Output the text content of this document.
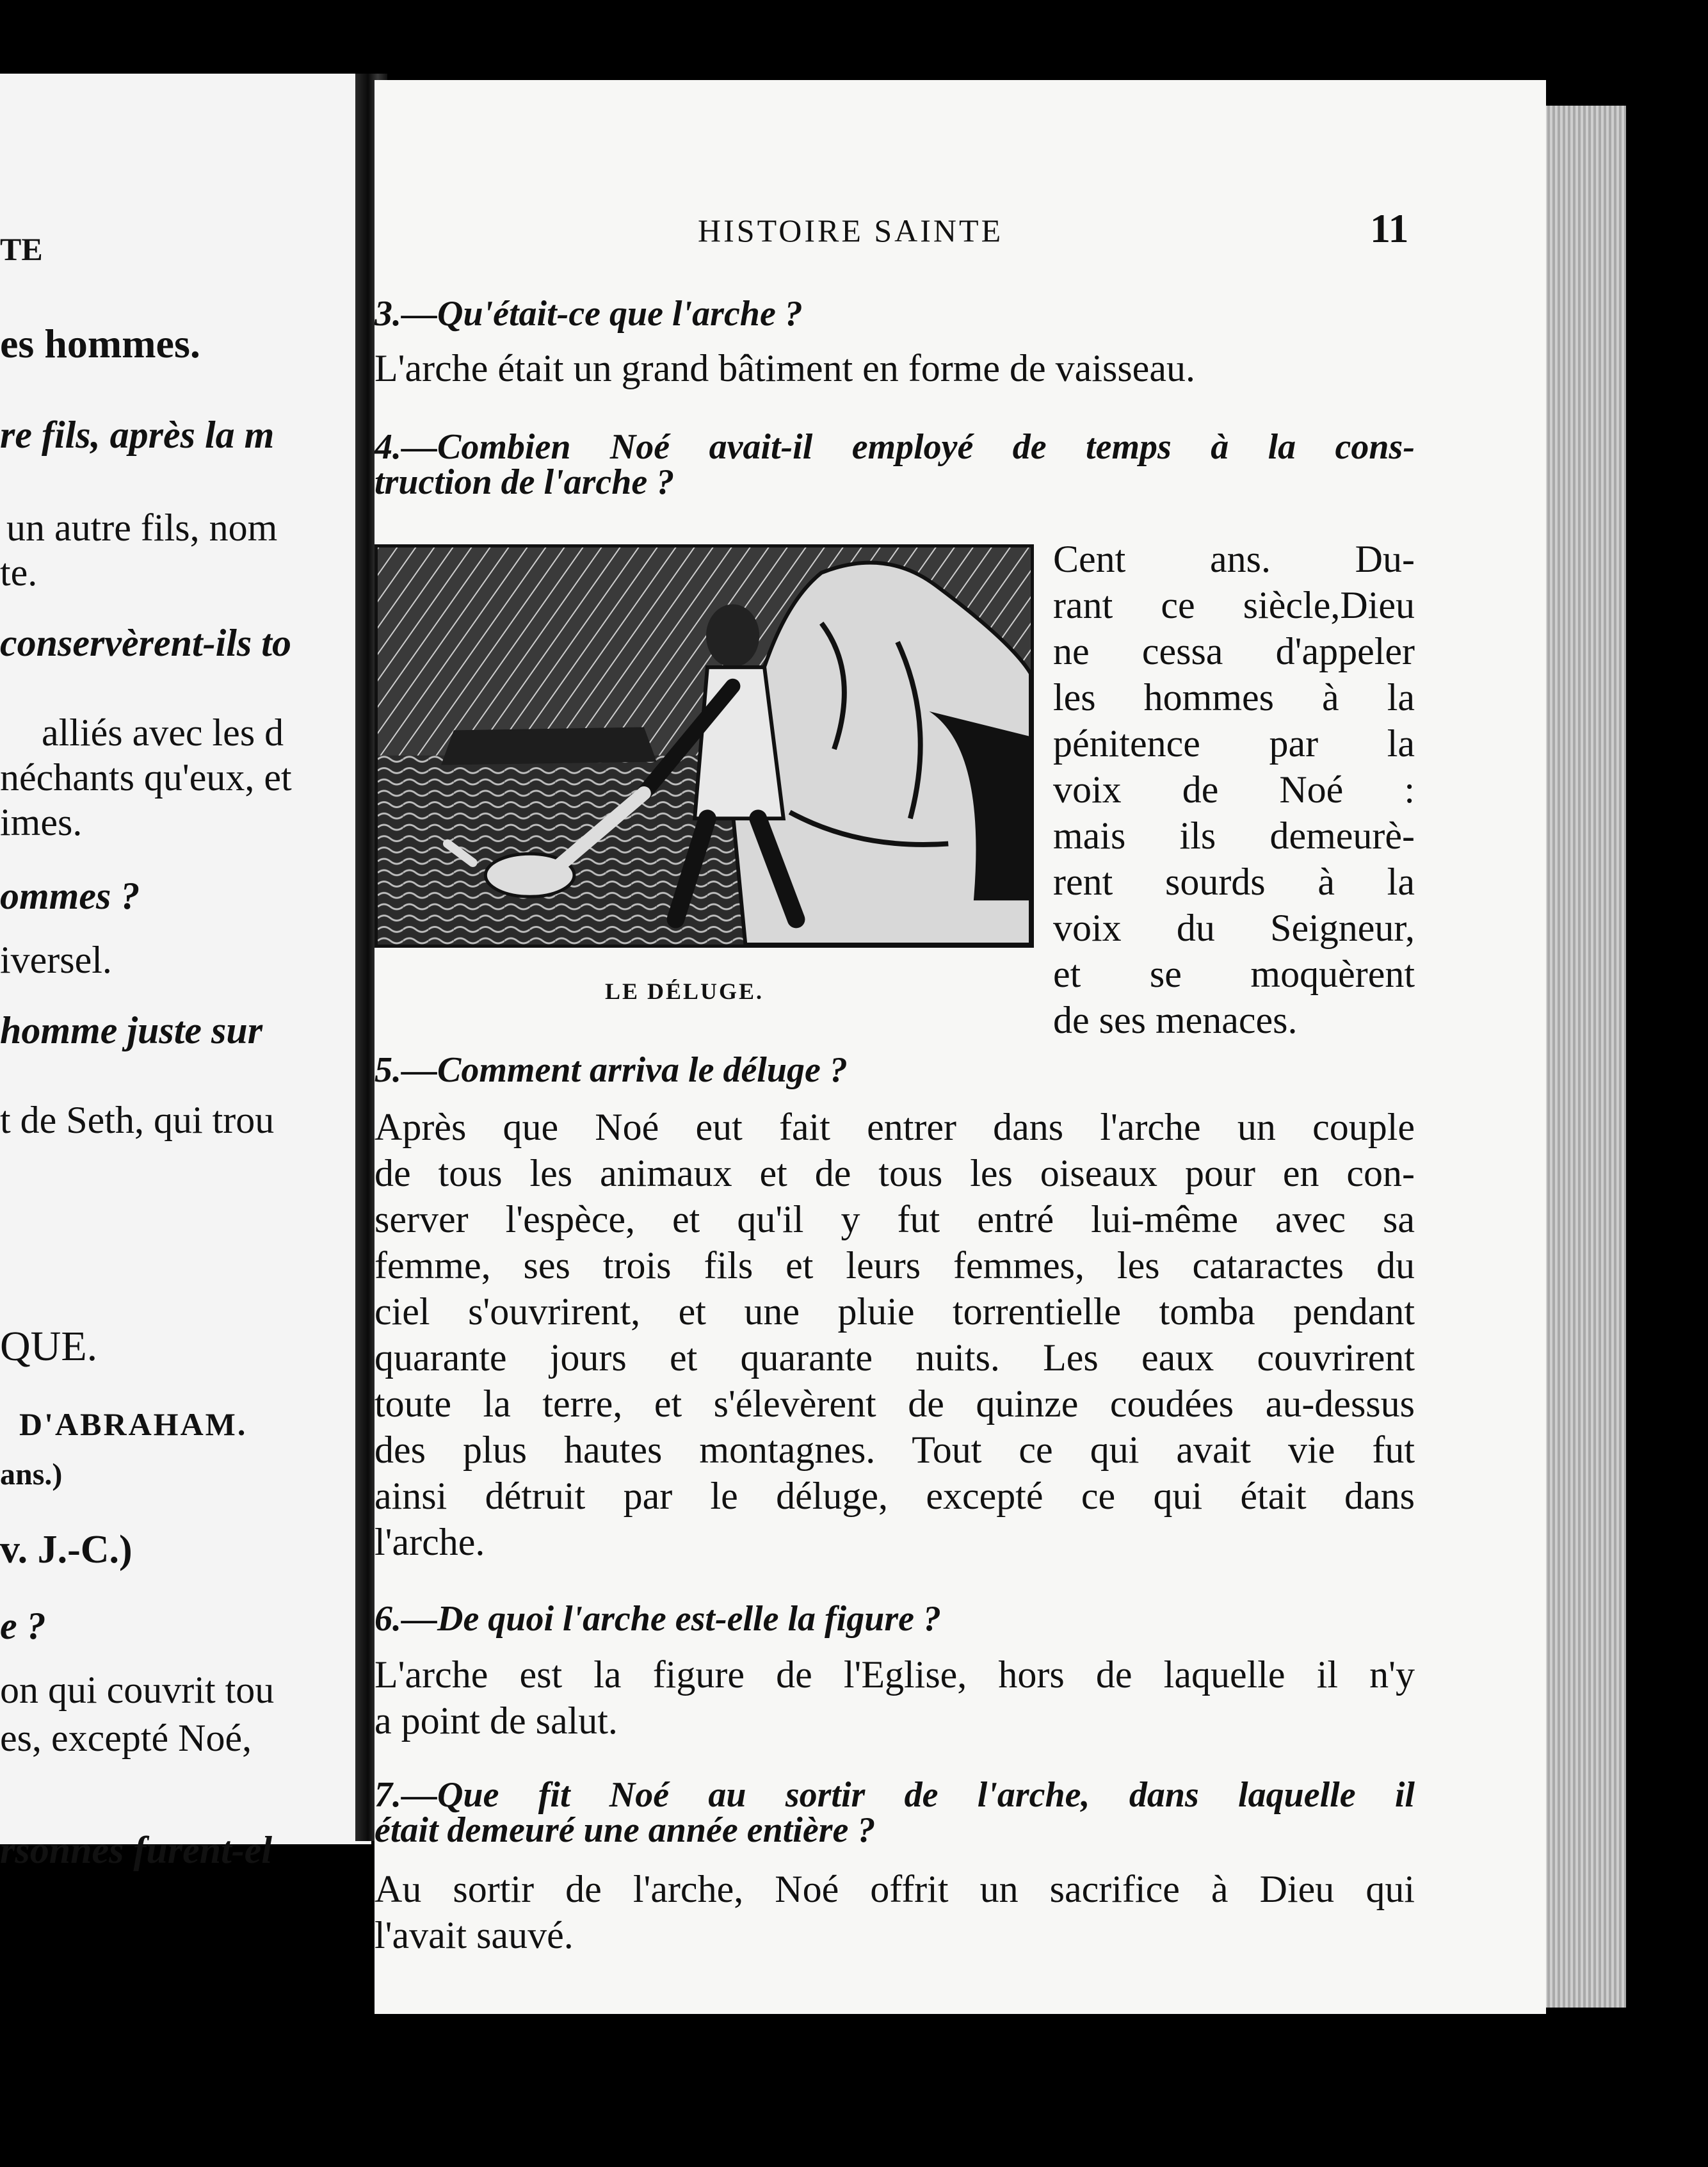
TE
es hommes.
re fils, après la m
un autre fils, nom
te.
conservèrent-ils to
alliés avec les d
néchants qu'eux, et
imes.
ommes ?
iversel.
homme juste sur
t de Seth, qui trou
QUE.
D'ABRAHAM.
ans.)
v. J.-C.)
e ?
on qui couvrit tou
es, excepté Noé,
rsonnes furent-el
HISTOIRE SAINTE	11
3.—Qu'était-ce que l'arche ?
L'arche était un grand bâtiment en forme de vaisseau.
4.—Combien Noé avait-il employé de temps à la cons-
truction de l'arche ?
Cent ans. Du-
rant ce siècle,Dieu
ne cessa d'appeler
les hommes à la
pénitence par la
voix de Noé :
mais ils demeurè-
rent sourds à la
voix du Seigneur,
et se moquèrent
de ses menaces.
LE DÉLUGE.
5.—Comment arriva le déluge ?
Après que Noé eut fait entrer dans l'arche un couple
de tous les animaux et de tous les oiseaux pour en con-
server l'espèce, et qu'il y fut entré lui-même avec sa
femme, ses trois fils et leurs femmes, les cataractes du
ciel s'ouvrirent, et une pluie torrentielle tomba pendant
quarante jours et quarante nuits. Les eaux couvrirent
toute la terre, et s'élevèrent de quinze coudées au-dessus
des plus hautes montagnes. Tout ce qui avait vie fut
ainsi détruit par le déluge, excepté ce qui était dans
l'arche.
6.—De quoi l'arche est-elle la figure ?
L'arche est la figure de l'Eglise, hors de laquelle il n'y
a point de salut.
7.—Que fit Noé au sortir de l'arche, dans laquelle il
était demeuré une année entière ?
Au sortir de l'arche, Noé offrit un sacrifice à Dieu qui
l'avait sauvé.
